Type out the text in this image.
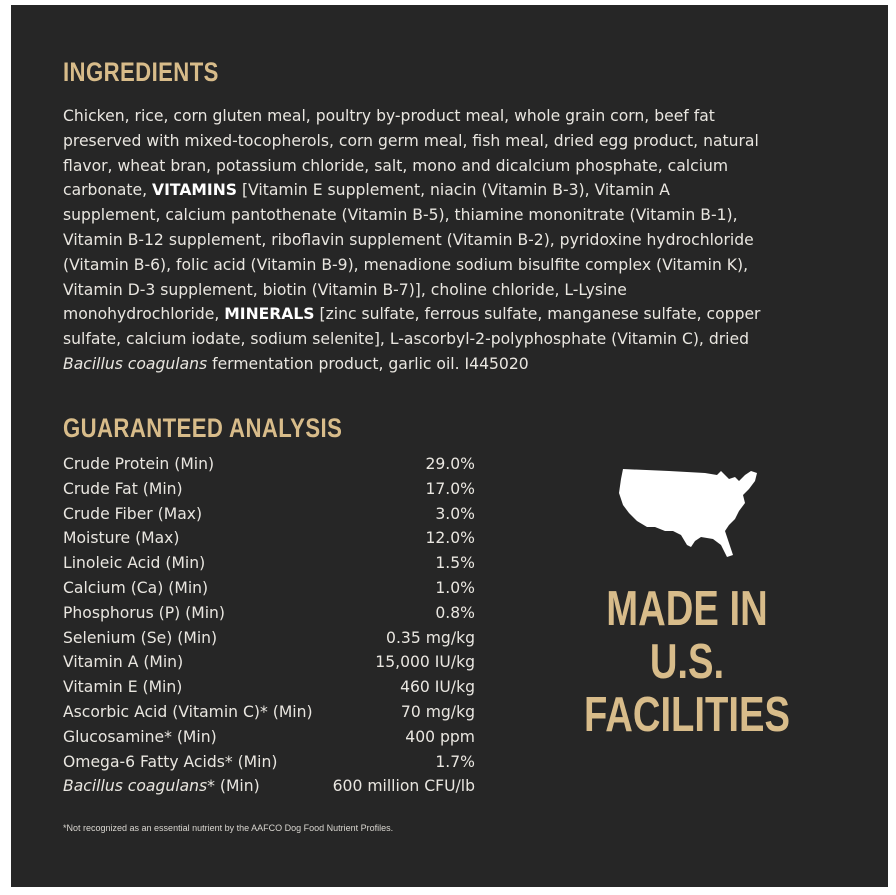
INGREDIENTS
Chicken, rice, corn gluten meal, poultry by-product meal, whole grain corn, beef fat
preserved with mixed-tocopherols, corn germ meal, fish meal, dried egg product, natural
flavor, wheat bran, potassium chloride, salt, mono and dicalcium phosphate, calcium
carbonate, VITAMINS [Vitamin E supplement, niacin (Vitamin B-3), Vitamin A
supplement, calcium pantothenate (Vitamin B-5), thiamine mononitrate (Vitamin B-1),
Vitamin B-12 supplement, riboflavin supplement (Vitamin B-2), pyridoxine hydrochloride
(Vitamin B-6), folic acid (Vitamin B-9), menadione sodium bisulfite complex (Vitamin K),
Vitamin D-3 supplement, biotin (Vitamin B-7)], choline chloride, L-Lysine
monohydrochloride, MINERALS [zinc sulfate, ferrous sulfate, manganese sulfate, copper
sulfate, calcium iodate, sodium selenite], L-ascorbyl-2-polyphosphate (Vitamin C), dried
Bacillus coagulans fermentation product, garlic oil. I445020
GUARANTEED ANALYSIS
Crude Protein (Min)	29.0%
Crude Fat (Min)	17.0%
Crude Fiber (Max)	3.0%
Moisture (Max)	12.0%
Linoleic Acid (Min)	1.5%
Calcium (Ca) (Min)	1.0%
Phosphorus (P) (Min)	0.8%
Selenium (Se) (Min)	0.35 mg/kg
Vitamin A (Min)	15,000 IU/kg
Vitamin E (Min)	460 IU/kg
Ascorbic Acid (Vitamin C)* (Min)	70 mg/kg
Glucosamine* (Min)	400 ppm
Omega-6 Fatty Acids* (Min)	1.7%
Bacillus coagulans* (Min)	600 million CFU/lb
MADE IN
U.S.
FACILITIES
*Not recognized as an essential nutrient by the AAFCO Dog Food Nutrient Profiles.
